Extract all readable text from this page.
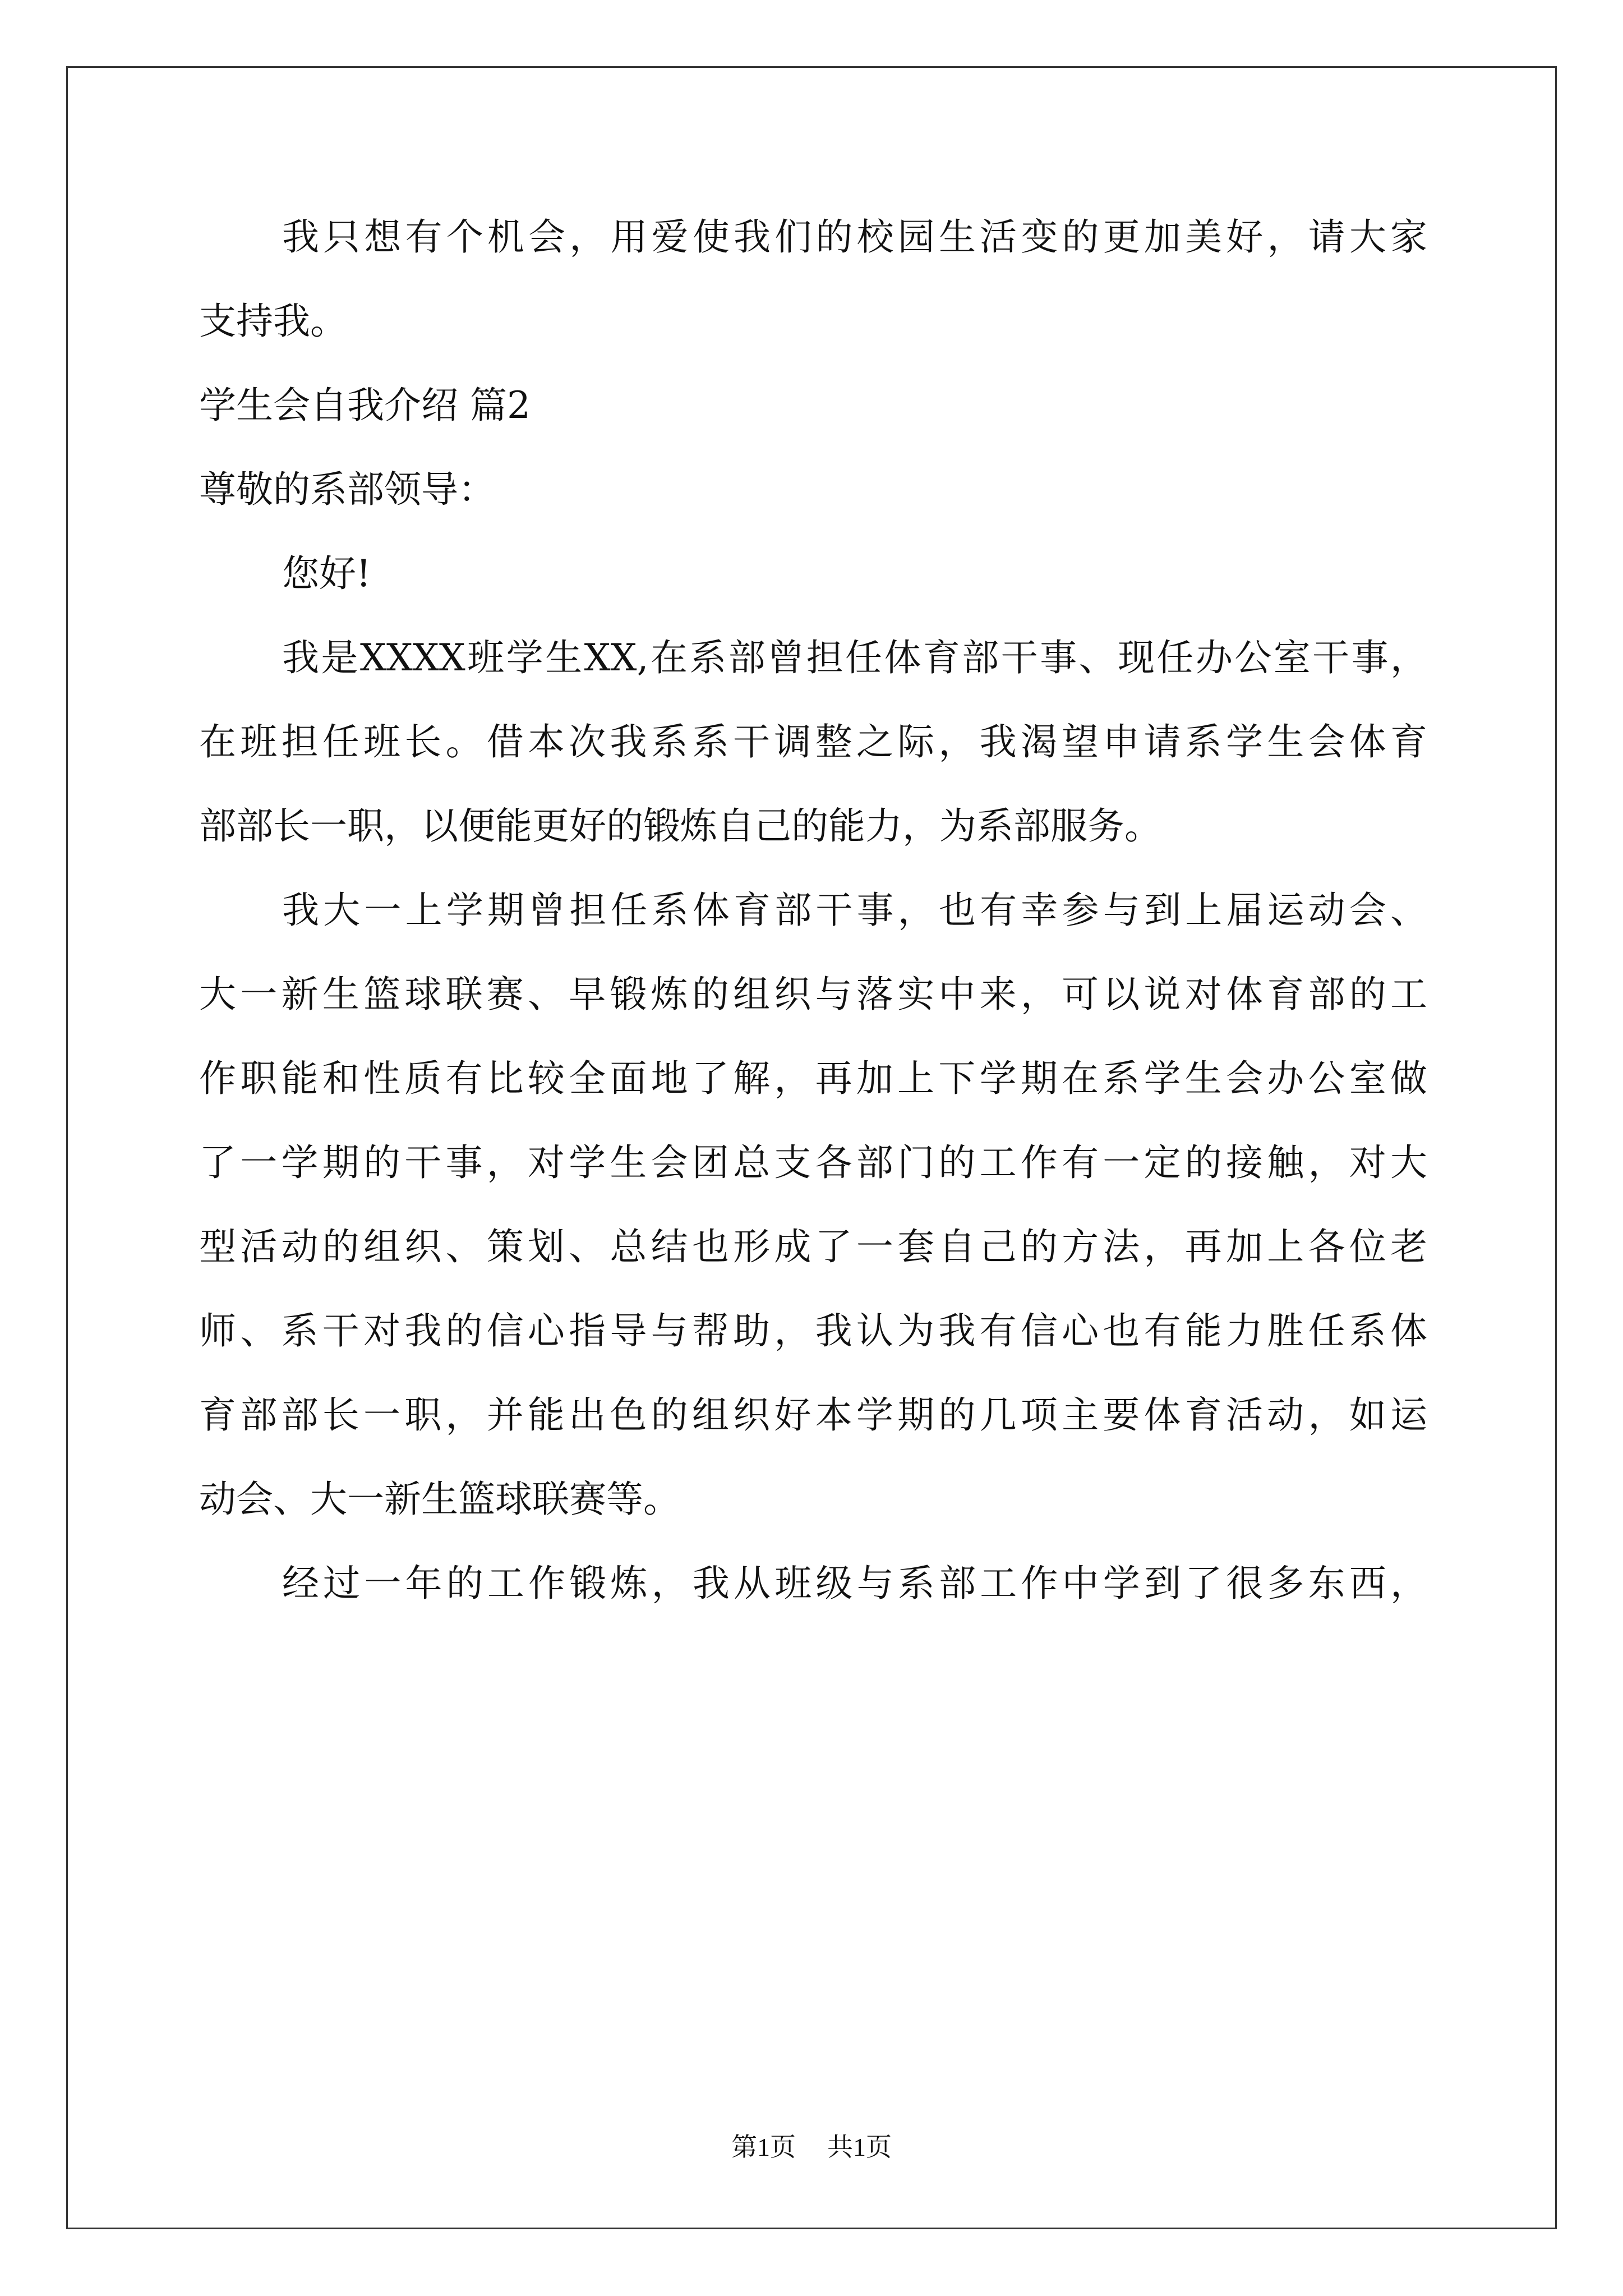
我只想有个机会，用爱使我们的校园生活变的更加美好，请大家

支持我。

学生会自我介绍 篇2

尊敬的系部领导：

您好!

我是XXXX班学生XX,在系部曾担任体育部干事、现任办公室干事，

在班担任班长。借本次我系系干调整之际，我渴望申请系学生会体育

部部长一职，以便能更好的锻炼自己的能力，为系部服务。

我大一上学期曾担任系体育部干事，也有幸参与到上届运动会、

大一新生篮球联赛、早锻炼的组织与落实中来，可以说对体育部的工

作职能和性质有比较全面地了解，再加上下学期在系学生会办公室做

了一学期的干事，对学生会团总支各部门的工作有一定的接触，对大

型活动的组织、策划、总结也形成了一套自己的方法，再加上各位老

师、系干对我的信心指导与帮助，我认为我有信心也有能力胜任系体

育部部长一职，并能出色的组织好本学期的几项主要体育活动，如运

动会、大一新生篮球联赛等。

经过一年的工作锻炼，我从班级与系部工作中学到了很多东西，

第1页 共1页
